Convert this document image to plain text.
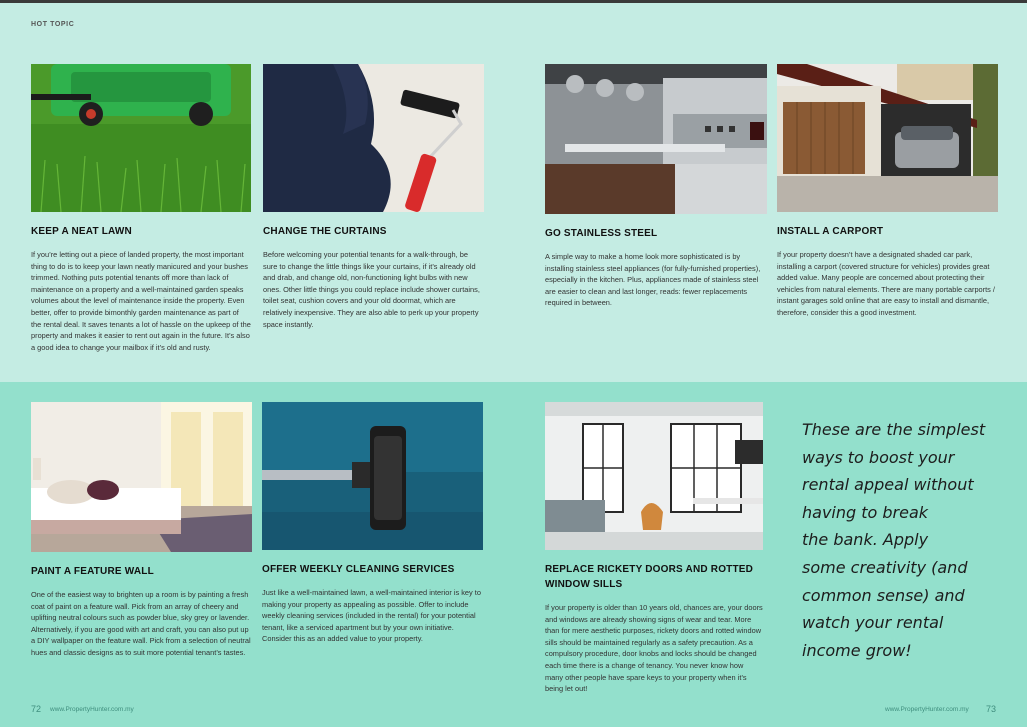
HOT TOPIC
KEEP A NEAT LAWN

If you’re letting out a piece of landed property, the most important thing to do is to keep your lawn neatly manicured and your bushes trimmed. Nothing puts potential tenants off more than lack of maintenance on a property and a well-maintained garden speaks volumes about the level of maintenance inside the property. Even better, offer to provide bimonthly garden maintenance as part of the rental deal. It saves tenants a lot of hassle on the upkeep of the property and makes it easier to rent out again in the future. It’s also a good idea to change your mailbox if it’s old and rusty.

CHANGE THE CURTAINS

Before welcoming your potential tenants for a walk-through, be sure to change the little things like your curtains, if it’s already old and drab, and change old, non-functioning light bulbs with new ones. Other little things you could replace include shower curtains, toilet seat, cushion covers and your old doormat, which are relatively inexpensive. They are also able to perk up your property space instantly.

GO STAINLESS STEEL

A simple way to make a home look more sophisticated is by installing stainless steel appliances (for fully-furnished properties), especially in the kitchen. Plus, appliances made of stainless steel are easier to clean and last longer, reads: fewer replacements required in between.

INSTALL A CARPORT

If your property doesn’t have a designated shaded car park, installing a carport (covered structure for vehicles) provides great added value. Many people are concerned about protecting their vehicles from natural elements. There are many portable carports / instant garages sold online that are easy to install and dismantle, therefore, consider this a good investment.

PAINT A FEATURE WALL

One of the easiest way to brighten up a room is by painting a fresh coat of paint on a feature wall. Pick from an array of cheery and uplifting neutral colours such as powder blue, sky grey or lavender. Alternatively, if you are good with art and craft, you can also put up a DIY wallpaper on the feature wall. Pick from a selection of neutral hues and classic designs as to suit more potential tenant’s tastes.

OFFER WEEKLY CLEANING SERVICES

Just like a well-maintained lawn, a well-maintained interior is key to making your property as appealing as possible. Offer to include weekly cleaning services (included in the rental) for your potential tenant, like a serviced apartment but by your own initiative. Consider this as an added value to your property.

REPLACE RICKETY DOORS AND ROTTED WINDOW SILLS

If your property is older than 10 years old, chances are, your doors and windows are already showing signs of wear and tear. More than for mere aesthetic purposes, rickety doors and rotted window sills should be maintained regularly as a safety precaution. As a compulsory procedure, door knobs and locks should be changed each time there is a change of tenancy. You never know how many other people have spare keys to your property when it’s being let out!

These are the simplest
ways to boost your
rental appeal without
having to break
the bank. Apply
some creativity (and
common sense) and
watch your rental
income grow!
72 www.PropertyHunter.com.my	www.PropertyHunter.com.my 73
